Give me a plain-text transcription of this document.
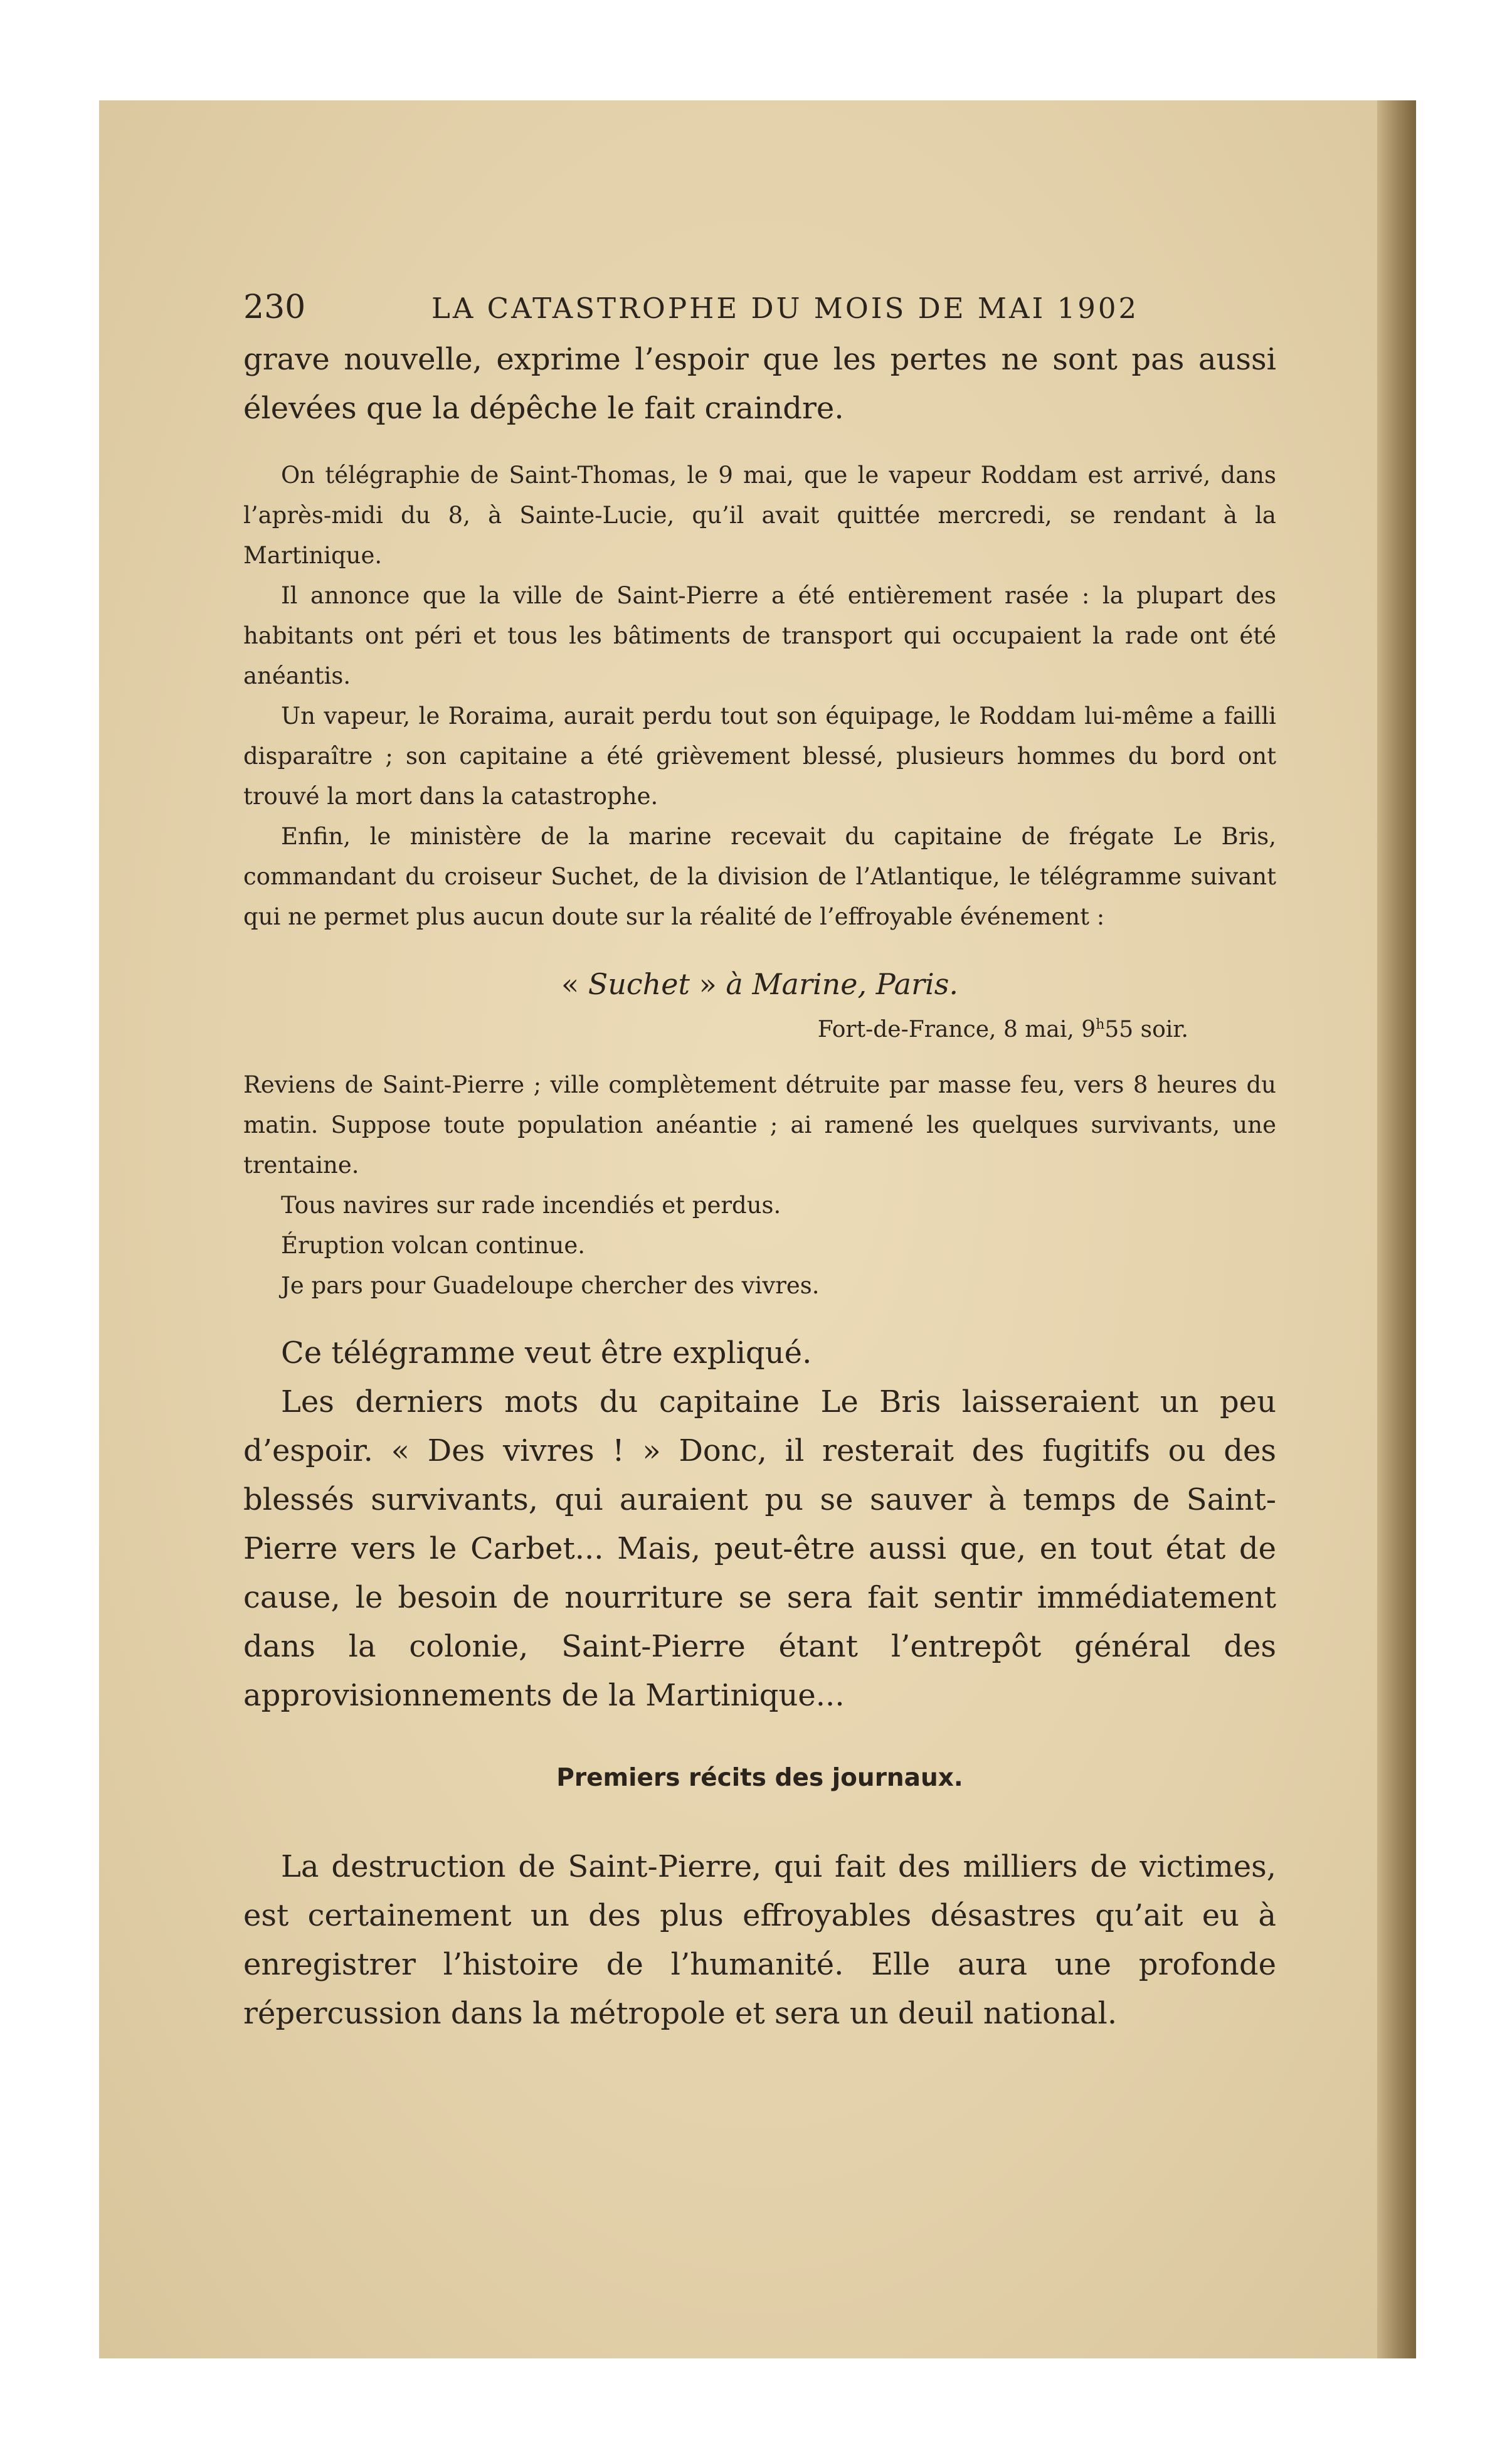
230	LA CATASTROPHE DU MOIS DE MAI 1902

grave nouvelle, exprime l’espoir que les pertes ne sont pas aussi élevées que la dépêche le fait craindre.

On télégraphie de Saint-Thomas, le 9 mai, que le vapeur Roddam est arrivé, dans l’après-midi du 8, à Sainte-Lucie, qu’il avait quittée mercredi, se rendant à la Martinique.

Il annonce que la ville de Saint-Pierre a été entièrement rasée : la plupart des habitants ont péri et tous les bâtiments de transport qui occupaient la rade ont été anéantis.

Un vapeur, le Roraima, aurait perdu tout son équipage, le Roddam lui-même a failli disparaître ; son capitaine a été grièvement blessé, plusieurs hommes du bord ont trouvé la mort dans la catastrophe.

Enfin, le ministère de la marine recevait du capitaine de frégate Le Bris, commandant du croiseur Suchet, de la division de l’Atlantique, le télégramme suivant qui ne permet plus aucun doute sur la réalité de l’effroyable événement :

« Suchet » à Marine, Paris.
Fort-de-France, 8 mai, 9$^h$55 soir.

Reviens de Saint-Pierre ; ville complètement détruite par masse feu, vers 8 heures du matin. Suppose toute population anéantie ; ai ramené les quelques survivants, une trentaine.

Tous navires sur rade incendiés et perdus.

Éruption volcan continue.

Je pars pour Guadeloupe chercher des vivres.

Ce télégramme veut être expliqué.

Les derniers mots du capitaine Le Bris laisseraient un peu d’espoir. « Des vivres ! » Donc, il resterait des fugitifs ou des blessés survivants, qui auraient pu se sauver à temps de Saint-Pierre vers le Carbet... Mais, peut-être aussi que, en tout état de cause, le besoin de nourriture se sera fait sentir immédiatement dans la colonie, Saint-Pierre étant l’entrepôt général des approvisionnements de la Martinique...

Premiers récits des journaux.

La destruction de Saint-Pierre, qui fait des milliers de victimes, est certainement un des plus effroyables désastres qu’ait eu à enregistrer l’histoire de l’humanité. Elle aura une profonde répercussion dans la métropole et sera un deuil national.
